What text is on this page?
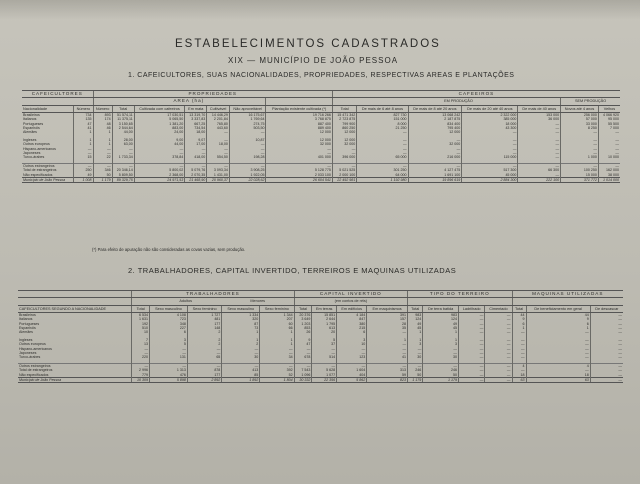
ESTABELECIMENTOS CADASTRADOS
XIX — MUNICÍPIO DE JOÃO PESSOA
1. CAFEICULTORES, SUAS NACIONALIDADES, PROPRIEDADES, RESPECTIVAS AREAS E PLANTAÇÕES
CAFEICULTORES		PROPRIEDADES							CAFEEIROS						
			AREA (ha)							EM PRODUÇÃO				SEM PRODUÇÃO	
Nacionalidade	Número	Número	Total	Cultivada com cafeeiros	Em mata	Cultivável	Não aproveitável	Plantação existente cultivada (*)	Total	De mais de 6 até 8 anos	De mais de 8 até 20 anos	De mais de 20 até 40 anos	De mais de 40 anos	Novos até 4 anos	Velhos
Brasileiros	734	893	51 574,11	17 030,51	13 319,70	14 446,29	16 175,67	19 716 266	15 471 342	827 730	13 068 242	2 322 000	153 000	256 000	4 066 920
Italianos	135	174	11 375,11	5 065,50	3 337,83	2 201,84	1 769,64	3 768 875	2 723 875	151 000	2 187 875	385 000	36 000	57 000	95 000
Portugueses	47	48	3 150,65	1 381,20	667,25	765,80	274,75	887 400	799 900	8 000	834 400	18 000	—	33 000	55 500
Espanhóis	41	46	2 544,64	883,00	734,54	443,60	503,50	889 400	860 250	21 250	795 400	43 300	—	8 250	7 000
Alemães	1	1	44,00	24,00	18,00	—	—	12 000	12 000	—	12 000	—	—	—	—

Ingleses	1	1	28,00	9,00	9,07	—	10,87	12 000	12 000	—	—	—	—	—	—
Outros europeus	1	1	63,00	44,00	17,00	18,00	—	32 000	32 000	—	32 000	—	—	—	—
Hispano-americanos	—	—	—	—	—	—	—	—	—	—	—	—	—	—	—
Japoneses	—	—	—	—	—	—	—	—	—	—	—	—	—	—	—
Turco-árabes	15	22	1 733,34	378,84	418,00	554,50	198,28	401 000	396 000	65 000	216 000	115 000	—	1 000	10 000

Outros estrangeiros	—	—	—	—	—	—	—	—	—	—	—	—	—	—	—
Total de estrangeiros	250	346	20 346,14	5 800,02	5 079,76	3 093,34	3 908,25	5 128 775	5 021 525	301 250	4 127 475	517 300	66 300	100 250	162 000
Não especificados	49	50	5 809,50	2 368,00	2 070,35	1 431,00	1 922,05	2 033 100	2 000 100	64 000	1 691 100	45 000	—	15 000	38 000
Município de João Pessoa	1 008	1 179	89 329,75	24 971,53	21 468,90	20 960,37	22 028,62	26 604 541	22 492 981	1 192 980	19 896 619	2 884 300	222 100	371 772	1 014 000
(*) Para efeito de apuração não são consideradas as covas vazias, sem produção.
2. TRABALHADORES, CAPITAL INVERTIDO, TERREIROS E MAQUINAS UTILIZADAS
	TRABALHADORES					CAPITAL INVERTIDO				TIPO DO TERREIRO				MAQUINAS UTILIZADAS		
		Adultos		Menores		(em contos de réis)										
CAFEICULTORES SEGUNDO A NACIONALIDADE	Total	Sexo masculino	Sexo feminino	Sexo masculino	Sexo feminino	Total	Em terras	Em edifícios	Em maquinismos	Total	De terra batida	Ladrilhado	Cimentado	Total	De beneficiamento em geral	De descascar
Brasileiros	6 534	4 108	1 727	1 334	1 344	20 376	15 851	4 184	391	983	983	—	—	44	44	—
Italianos	1 631	723	481	320	207	3 649	2 644	847	157	124	124	—	—	9	9	—
Portugueses	192	348	177	87	60	1 203	1 795	380	28	49	49	—	—	6	6	—
Espanhóis	510	227	148	73	66	853	613	215	35	45	45	—	—	1	1	—
Alemães	10	6	2	1	1	26	20	6	—	1	1	—	—	—	—	—

Ingleses	7	3	2	1	1	9	5	3	1	1	1	—	—	—	—	—
Outros europeus	13	5	2	2	1	47	37	10	—	3	3	—	—	—	—	—
Hispano-americanos	—	—	—	—	—	—	—	—	—	—	—	—	—	—	—	—
Japoneses	—	—	—	—	—	—	—	—	—	—	—	—	—	—	—	—
Turco-árabes	220	131	65	30	34	678	514	123	41	30	30	—	—	—	—	—

Outros estrangeiros	—	—	—	—	—	—	—	—	—	—	—	—	—	4	4	—
Total de estrangeiros	2 996	1 313	878	413	392	7 543	5 628	1 604	313	246	246	—	—	—	—	—
Não especificados	779	476	177	85	52	1 096	1 077	404	59	50	50	—	—	18	18	—
Município de João Pessoa	10 309	5 898	2 892	1 892	1 804	30 332	22 356	5 862	823	1 179	1 179	—	—	63	63	—
